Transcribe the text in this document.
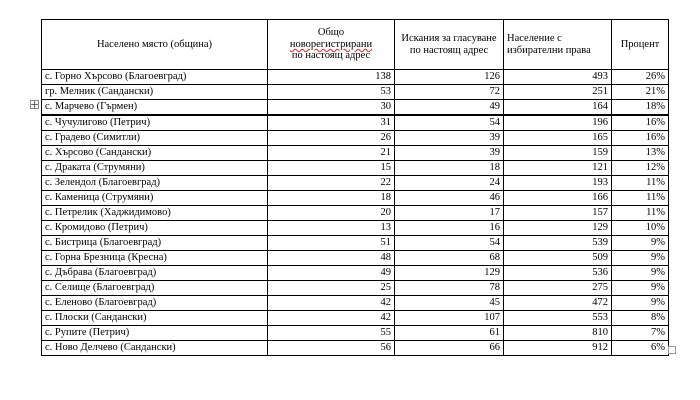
Населено място (община)	Общо
новорегистрирани
по настоящ адрес	Искания за гласуване по настоящ адрес	Население с избирателни права	Процент
с. Горно Хърсово (Благоевград)	138	126	493	26%
гр. Мелник (Сандански)	53	72	251	21%
с. Марчево (Гърмен)	30	49	164	18%
с. Чучулигово (Петрич)	31	54	196	16%
с. Градево (Симитли)	26	39	165	16%
с. Хърсово (Сандански)	21	39	159	13%
с. Драката (Струмяни)	15	18	121	12%
с. Зелендол (Благоевград)	22	24	193	11%
с. Каменица (Струмяни)	18	46	166	11%
с. Петрелик (Хаджидимово)	20	17	157	11%
с. Кромидово (Петрич)	13	16	129	10%
с. Бистрица (Благоевград)	51	54	539	9%
с. Горна Брезница (Кресна)	48	68	509	9%
с. Дъбрава (Благоевград)	49	129	536	9%
с. Селище (Благоевград)	25	78	275	9%
с. Еленово (Благоевград)	42	45	472	9%
с. Плоски (Сандански)	42	107	553	8%
с. Рупите (Петрич)	55	61	810	7%
с. Ново Делчево (Сандански)	56	66	912	6%
